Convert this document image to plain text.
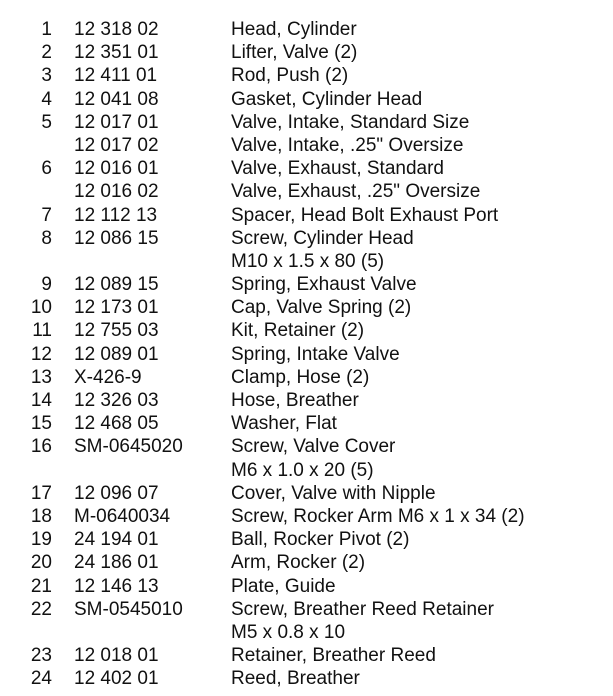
1 12 318 02	Head, Cylinder
2 12 351 01	Lifter, Valve (2)
3 12 411 01	Rod, Push (2)
4 12 041 08	Gasket, Cylinder Head
5 12 017 01	Valve, Intake, Standard Size
12 017 02	Valve, Intake, .25" Oversize
6 12 016 01	Valve, Exhaust, Standard
12 016 02	Valve, Exhaust, .25" Oversize
7 12 112 13	Spacer, Head Bolt Exhaust Port
8 12 086 15	Screw, Cylinder Head
M10 x 1.5 x 80 (5)
9 12 089 15	Spring, Exhaust Valve
10 12 173 01	Cap, Valve Spring (2)
11 12 755 03	Kit, Retainer (2)
12 12 089 01	Spring, Intake Valve
13 X-426-9	Clamp, Hose (2)
14 12 326 03	Hose, Breather
15 12 468 05	Washer, Flat
16 SM-0645020	Screw, Valve Cover
M6 x 1.0 x 20 (5)
17 12 096 07	Cover, Valve with Nipple
18 M-0640034	Screw, Rocker Arm M6 x 1 x 34 (2)
19 24 194 01	Ball, Rocker Pivot (2)
20 24 186 01	Arm, Rocker (2)
21 12 146 13	Plate, Guide
22 SM-0545010	Screw, Breather Reed Retainer
M5 x 0.8 x 10
23 12 018 01	Retainer, Breather Reed
24 12 402 01	Reed, Breather
